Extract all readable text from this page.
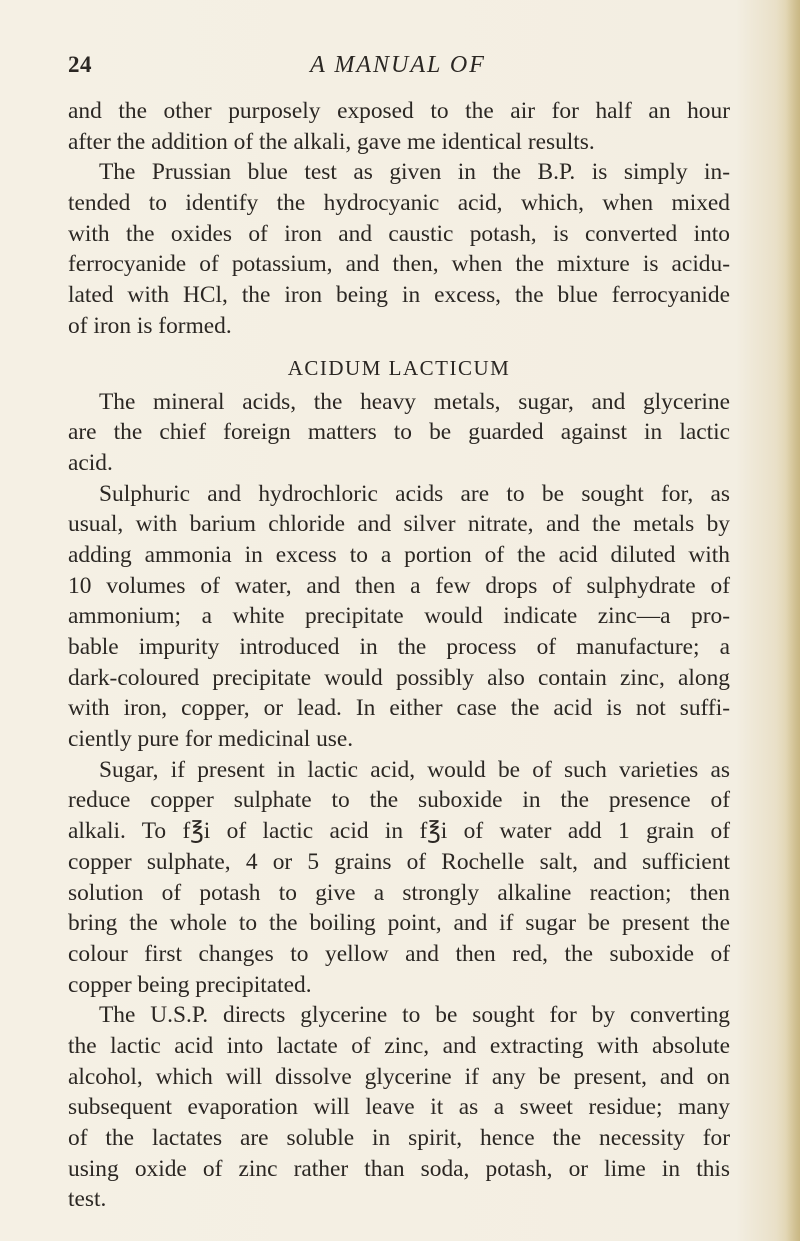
24	A MANUAL OF
and the other purposely exposed to the air for half an hour
after the addition of the alkali, gave me identical results.
The Prussian blue test as given in the B.P. is simply in-
tended to identify the hydrocyanic acid, which, when mixed
with the oxides of iron and caustic potash, is converted into
ferrocyanide of potassium, and then, when the mixture is acidu-
lated with HCl, the iron being in excess, the blue ferrocyanide
of iron is formed.
ACIDUM LACTICUM
The mineral acids, the heavy metals, sugar, and glycerine
are the chief foreign matters to be guarded against in lactic
acid.
Sulphuric and hydrochloric acids are to be sought for, as
usual, with barium chloride and silver nitrate, and the metals by
adding ammonia in excess to a portion of the acid diluted with
10 volumes of water, and then a few drops of sulphydrate of
ammonium; a white precipitate would indicate zinc—a pro-
bable impurity introduced in the process of manufacture; a
dark-coloured precipitate would possibly also contain zinc, along
with iron, copper, or lead. In either case the acid is not suffi-
ciently pure for medicinal use.
Sugar, if present in lactic acid, would be of such varieties as
reduce copper sulphate to the suboxide in the presence of
alkali. To f℥i of lactic acid in f℥i of water add 1 grain of
copper sulphate, 4 or 5 grains of Rochelle salt, and sufficient
solution of potash to give a strongly alkaline reaction; then
bring the whole to the boiling point, and if sugar be present the
colour first changes to yellow and then red, the suboxide of
copper being precipitated.
The U.S.P. directs glycerine to be sought for by converting
the lactic acid into lactate of zinc, and extracting with absolute
alcohol, which will dissolve glycerine if any be present, and on
subsequent evaporation will leave it as a sweet residue; many
of the lactates are soluble in spirit, hence the necessity for
using oxide of zinc rather than soda, potash, or lime in this
test.
